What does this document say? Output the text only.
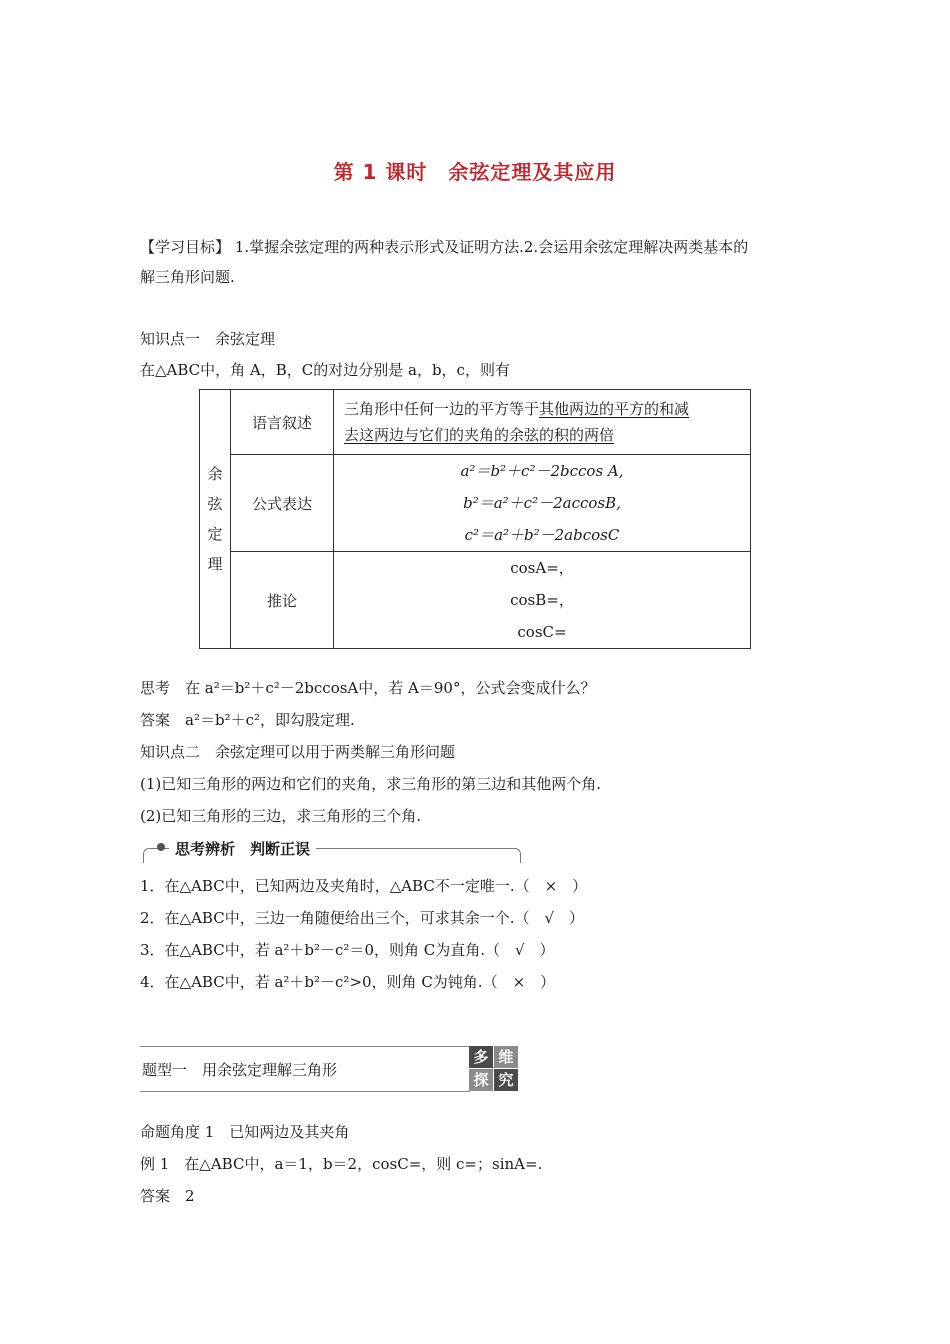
第 1 课时　余弦定理及其应用
【学习目标】 1.掌握余弦定理的两种表示形式及证明方法.2.会运用余弦定理解决两类基本的
解三角形问题.
知识点一　余弦定理
在△ABC中，角 A，B，C的对边分别是 a，b，c，则有
余
弦
定
理	语言叙述	三角形中任何一边的平方等于其他两边的平方的和减
去这两边与它们的夹角的余弦的积的两倍
	公式表达	a²＝b²＋c²－2bccos A,
b²＝a²＋c²－2accosB,
c²＝a²＋b²－2abcosC

	推论	cosA=，
cosB=，
cosC=
思考　在 a²＝b²＋c²－2bccosA中，若 A＝90°，公式会变成什么？
答案　a²＝b²＋c²，即勾股定理.
知识点二　余弦定理可以用于两类解三角形问题
(1)已知三角形的两边和它们的夹角，求三角形的第三边和其他两个角.
(2)已知三角形的三边，求三角形的三个角.
思考辨析　判断正误
1．在△ABC中，已知两边及夹角时，△ABC不一定唯一.（　×　）
2．在△ABC中，三边一角随便给出三个，可求其余一个.（　√　）
3．在△ABC中，若 a²＋b²－c²＝0，则角 C为直角.（　√　）
4．在△ABC中，若 a²＋b²－c²>0，则角 C为钝角.（　×　）
题型一　用余弦定理解三角形
多 维
探 究
命题角度 1　已知两边及其夹角
例 1　在△ABC中，a＝1，b＝2，cosC=，则 c=；sinA=.
答案　2
